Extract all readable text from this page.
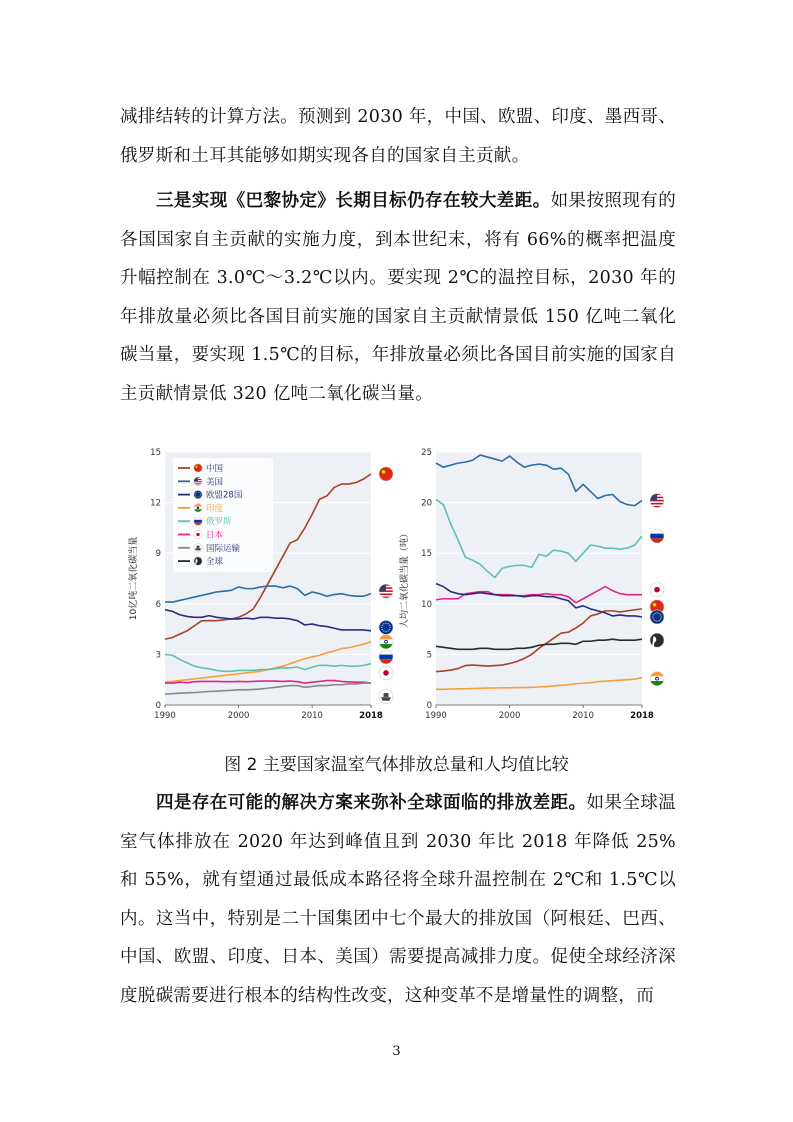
减排结转的计算方法。预测到 2030 年，中国、欧盟、印度、墨西哥、俄罗斯和土耳其能够如期实现各自的国家自主贡献。

三是实现《巴黎协定》长期目标仍存在较大差距。如果按照现有的各国国家自主贡献的实施力度，到本世纪末，将有 66%的概率把温度升幅控制在 3.0℃～3.2℃以内。要实现 2℃的温控目标，2030 年的年排放量必须比各国目前实施的国家自主贡献情景低 150 亿吨二氧化碳当量，要实现 1.5℃的目标，年排放量必须比各国目前实施的国家自主贡献情景低 320 亿吨二氧化碳当量。

0
3
6
9
12
15
1990	2000	2010	2018
10亿吨二氧化碳当量
中国
美国
欧盟28国
印度
俄罗斯
日本
国际运输
全球
0
5
10
15
20
25
1990	2000	2010	2018
人均二氧化碳当量（吨）
图 2 主要国家温室气体排放总量和人均值比较

四是存在可能的解决方案来弥补全球面临的排放差距。如果全球温室气体排放在 2020 年达到峰值且到 2030 年比 2018 年降低 25%和 55%，就有望通过最低成本路径将全球升温控制在 2℃和 1.5℃以内。这当中，特别是二十国集团中七个最大的排放国（阿根廷、巴西、中国、欧盟、印度、日本、美国）需要提高减排力度。促使全球经济深度脱碳需要进行根本的结构性改变，这种变革不是增量性的调整，而

3
